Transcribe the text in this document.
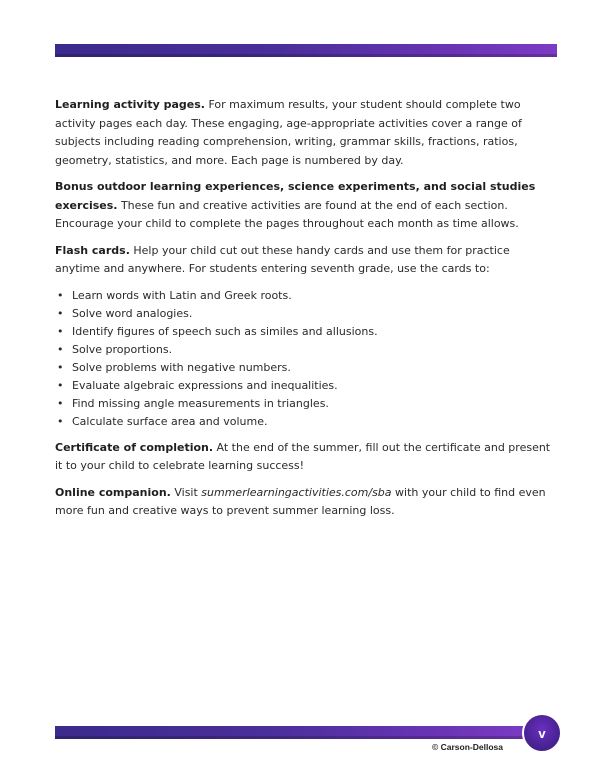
Learning activity pages. For maximum results, your student should complete two activity pages each day. These engaging, age-appropriate activities cover a range of subjects including reading comprehension, writing, grammar skills, fractions, ratios, geometry, statistics, and more. Each page is numbered by day.

Bonus outdoor learning experiences, science experiments, and social studies exercises. These fun and creative activities are found at the end of each section. Encourage your child to complete the pages throughout each month as time allows.

Flash cards. Help your child cut out these handy cards and use them for practice anytime and anywhere. For students entering seventh grade, use the cards to:

• Learn words with Latin and Greek roots.
• Solve word analogies.
• Identify figures of speech such as similes and allusions.
• Solve proportions.
• Solve problems with negative numbers.
• Evaluate algebraic expressions and inequalities.
• Find missing angle measurements in triangles.
• Calculate surface area and volume.

Certificate of completion. At the end of the summer, fill out the certificate and present it to your child to celebrate learning success!

Online companion. Visit summerlearningactivities.com/sba with your child to find even more fun and creative ways to prevent summer learning loss.

v
© Carson-Dellosa
